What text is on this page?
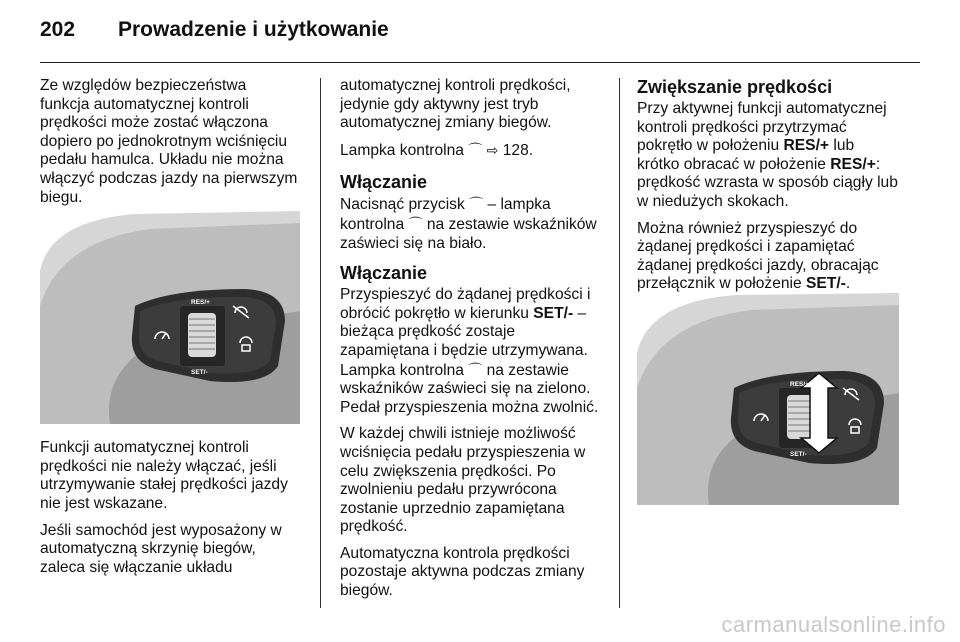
202 Prowadzenie i użytkowanie

Ze względów bezpieczeństwa
funkcja automatycznej kontroli
prędkości może zostać włączona
dopiero po jednokrotnym wciśnięciu
pedału hamulca. Układu nie można
włączyć podczas jazdy na pierwszym
biegu.

Funkcji automatycznej kontroli
prędkości nie należy włączać, jeśli
utrzymywanie stałej prędkości jazdy
nie jest wskazane.

Jeśli samochód jest wyposażony w
automatyczną skrzynię biegów,
zaleca się włączanie układu

RES/+
SET/-

automatycznej kontroli prędkości,
jedynie gdy aktywny jest tryb
automatycznej zmiany biegów.

Lampka kontrolna ⌒ ⇨ 128.

Włączanie

Nacisnąć przycisk ⌒ – lampka
kontrolna ⌒ na zestawie wskaźników
zaświeci się na biało.

Włączanie

Przyspieszyć do żądanej prędkości i
obrócić pokrętło w kierunku SET/- –
bieżąca prędkość zostaje
zapamiętana i będzie utrzymywana.
Lampka kontrolna ⌒ na zestawie
wskaźników zaświeci się na zielono.
Pedał przyspieszenia można zwolnić.

W każdej chwili istnieje możliwość
wciśnięcia pedału przyspieszenia w
celu zwiększenia prędkości. Po
zwolnieniu pedału przywrócona
zostanie uprzednio zapamiętana
prędkość.

Automatyczna kontrola prędkości
pozostaje aktywna podczas zmiany
biegów.

Zwiększanie prędkości

Przy aktywnej funkcji automatycznej
kontroli prędkości przytrzymać
pokrętło w położeniu RES/+ lub
krótko obracać w położenie RES/+:
prędkość wzrasta w sposób ciągły lub
w niedużych skokach.

Można również przyspieszyć do
żądanej prędkości i zapamiętać
żądanej prędkości jazdy, obracając
przełącznik w położenie SET/-.

RES/+
SET/-
carmanualsonline.info
